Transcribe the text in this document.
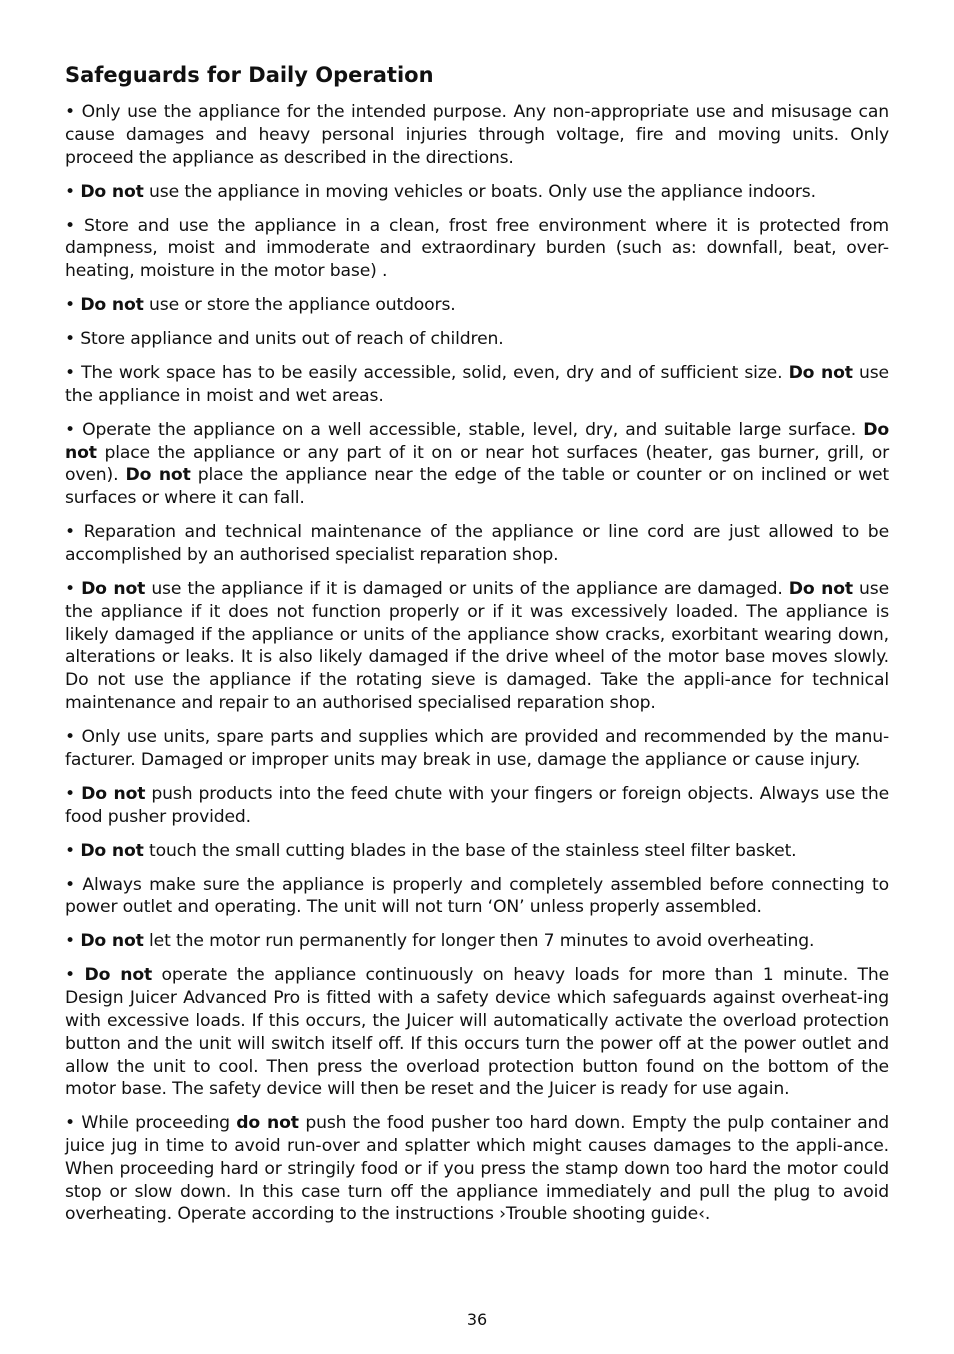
Safeguards for Daily Operation

• Only use the appliance for the intended purpose. Any non-appropriate use and misusage can cause damages and heavy personal injuries through voltage, fire and moving units. Only proceed the appliance as described in the directions.

• Do not use the appliance in moving vehicles or boats. Only use the appliance indoors.

• Store and use the appliance in a clean, frost free environment where it is protected from dampness, moist and immoderate and extraordinary burden (such as: downfall, beat, over-heating, moisture in the motor base) .

• Do not use or store the appliance outdoors.

• Store appliance and units out of reach of children.

• The work space has to be easily accessible, solid, even, dry and of sufficient size. Do not use the appliance in moist and wet areas.

• Operate the appliance on a well accessible, stable, level, dry, and suitable large surface. Do not place the appliance or any part of it on or near hot surfaces (heater, gas burner, grill, or oven). Do not place the appliance near the edge of the table or counter or on inclined or wet surfaces or where it can fall.

• Reparation and technical maintenance of the appliance or line cord are just allowed to be accomplished by an authorised specialist reparation shop.

• Do not use the appliance if it is damaged or units of the appliance are damaged. Do not use the appliance if it does not function properly or if it was excessively loaded. The appliance is likely damaged if the appliance or units of the appliance show cracks, exorbitant wearing down, alterations or leaks. It is also likely damaged if the drive wheel of the motor base moves slowly. Do not use the appliance if the rotating sieve is damaged. Take the appli-ance for technical maintenance and repair to an authorised specialised reparation shop.

• Only use units, spare parts and supplies which are provided and recommended by the manu-facturer. Damaged or improper units may break in use, damage the appliance or cause injury.

• Do not push products into the feed chute with your fingers or foreign objects. Always use the food pusher provided.

• Do not touch the small cutting blades in the base of the stainless steel filter basket.

• Always make sure the appliance is properly and completely assembled before connecting to power outlet and operating. The unit will not turn ‘ON’ unless properly assembled.

• Do not let the motor run permanently for longer then 7 minutes to avoid overheating.

• Do not operate the appliance continuously on heavy loads for more than 1 minute. The Design Juicer Advanced Pro is fitted with a safety device which safeguards against overheat-ing with excessive loads. If this occurs, the Juicer will automatically activate the overload protection button and the unit will switch itself off. If this occurs turn the power off at the power outlet and allow the unit to cool. Then press the overload protection button found on the bottom of the motor base. The safety device will then be reset and the Juicer is ready for use again.

• While proceeding do not push the food pusher too hard down. Empty the pulp container and juice jug in time to avoid run-over and splatter which might causes damages to the appli-ance. When proceeding hard or stringily food or if you press the stamp down too hard the motor could stop or slow down. In this case turn off the appliance immediately and pull the plug to avoid overheating. Operate according to the instructions ›Trouble shooting guide‹.

36
